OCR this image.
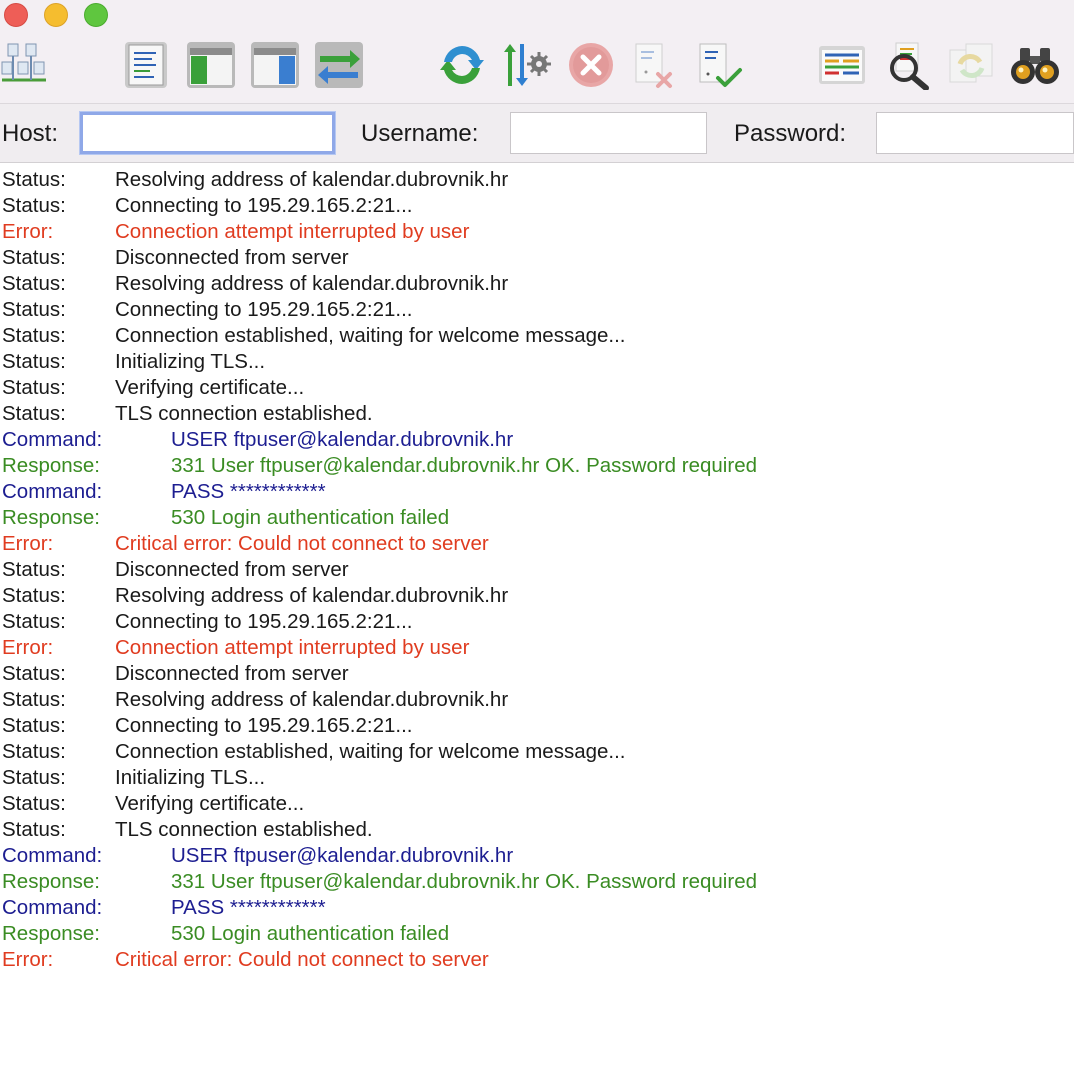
Host:	Username:	Password:
Status: Resolving address of kalendar.dubrovnik.hr
Status: Connecting to 195.29.165.2:21...
Error:	Connection attempt interrupted by user
Status: Disconnected from server
Status: Resolving address of kalendar.dubrovnik.hr
Status: Connecting to 195.29.165.2:21...
Status: Connection established, waiting for welcome message...
Status: Initializing TLS...
Status: Verifying certificate...
Status: TLS connection established.
Command:	USER ftpuser@kalendar.dubrovnik.hr
Response:	331 User ftpuser@kalendar.dubrovnik.hr OK. Password required
Command:	PASS ************
Response:	530 Login authentication failed
Error:	Critical error: Could not connect to server
Status: Disconnected from server
Status: Resolving address of kalendar.dubrovnik.hr
Status: Connecting to 195.29.165.2:21...
Error:	Connection attempt interrupted by user
Status: Disconnected from server
Status: Resolving address of kalendar.dubrovnik.hr
Status: Connecting to 195.29.165.2:21...
Status: Connection established, waiting for welcome message...
Status: Initializing TLS...
Status: Verifying certificate...
Status: TLS connection established.
Command:	USER ftpuser@kalendar.dubrovnik.hr
Response:	331 User ftpuser@kalendar.dubrovnik.hr OK. Password required
Command:	PASS ************
Response:	530 Login authentication failed
Error:	Critical error: Could not connect to server
